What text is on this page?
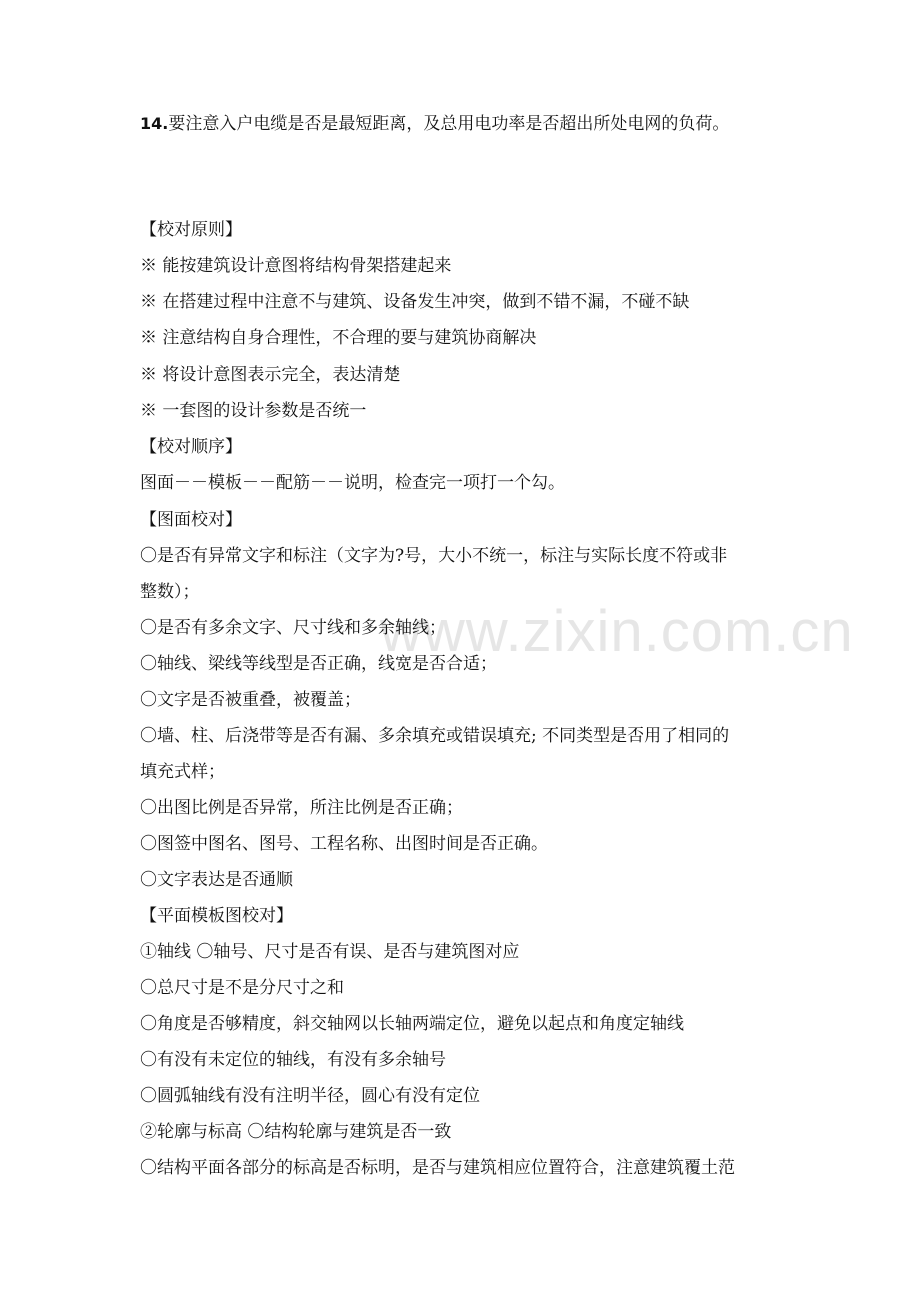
www.zixin.com.cn
14.要注意入户电缆是否是最短距离，及总用电功率是否超出所处电网的负荷。
【校对原则】
※ 能按建筑设计意图将结构骨架搭建起来
※ 在搭建过程中注意不与建筑、设备发生冲突，做到不错不漏，不碰不缺
※ 注意结构自身合理性，不合理的要与建筑协商解决
※ 将设计意图表示完全，表达清楚
※ 一套图的设计参数是否统一
【校对顺序】
图面－－模板－－配筋－－说明，检查完一项打一个勾。
【图面校对】
〇是否有异常文字和标注（文字为?号，大小不统一，标注与实际长度不符或非
整数）；
〇是否有多余文字、尺寸线和多余轴线；
〇轴线、梁线等线型是否正确，线宽是否合适；
〇文字是否被重叠，被覆盖；
〇墙、柱、后浇带等是否有漏、多余填充或错误填充; 不同类型是否用了相同的
填充式样；
〇出图比例是否异常，所注比例是否正确；
〇图签中图名、图号、工程名称、出图时间是否正确。
〇文字表达是否通顺
【平面模板图校对】
①轴线 〇轴号、尺寸是否有误、是否与建筑图对应
〇总尺寸是不是分尺寸之和
〇角度是否够精度，斜交轴网以长轴两端定位，避免以起点和角度定轴线
〇有没有未定位的轴线，有没有多余轴号
〇圆弧轴线有没有注明半径，圆心有没有定位
②轮廓与标高 〇结构轮廓与建筑是否一致
〇结构平面各部分的标高是否标明，是否与建筑相应位置符合，注意建筑覆土范
